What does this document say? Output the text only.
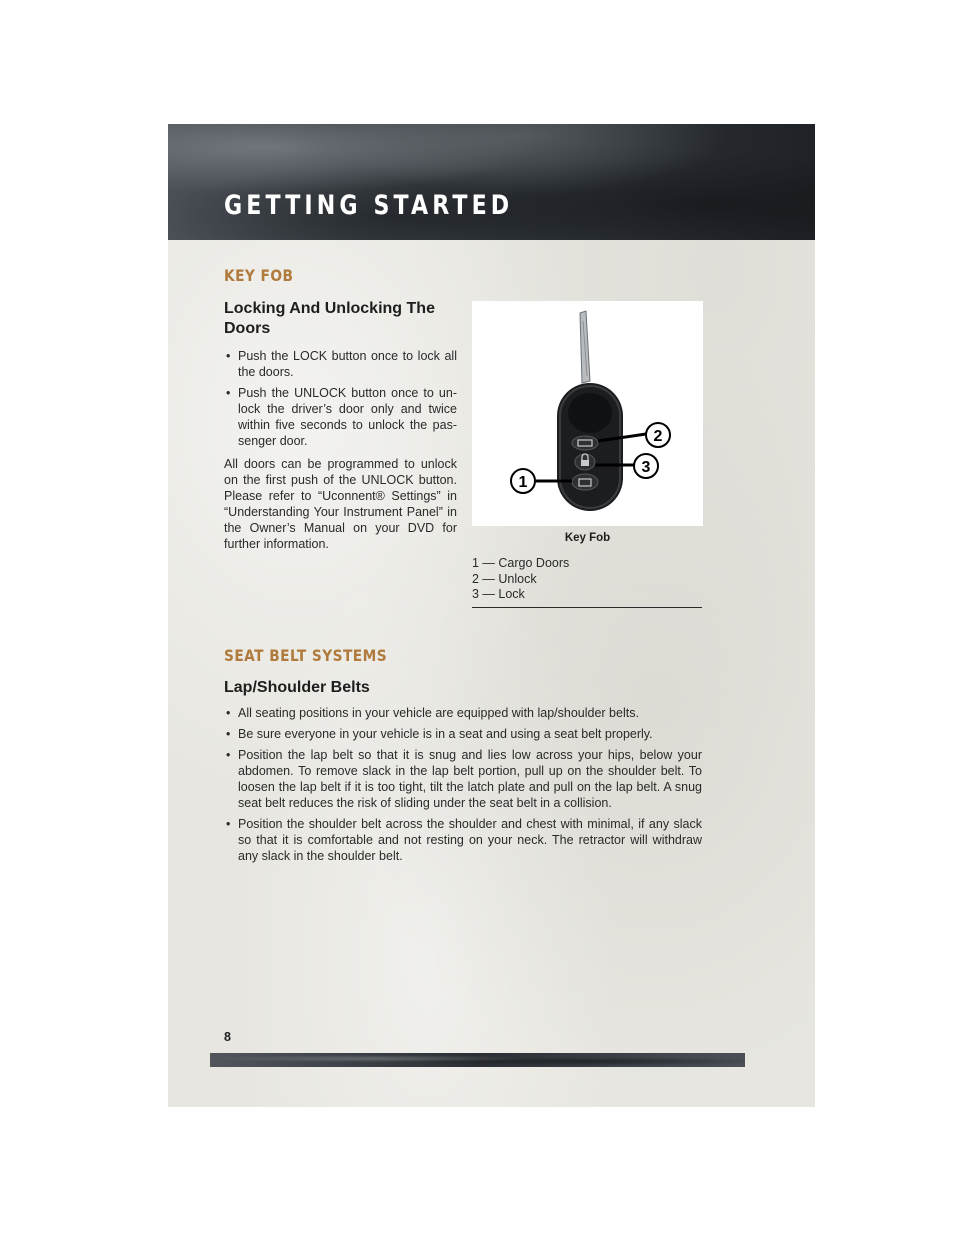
GETTING STARTED
KEY FOB
Locking And Unlocking The Doors
• Push the LOCK button once to lock all the doors.
• Push the UNLOCK button once to un-lock the driver’s door only and twice within five seconds to unlock the pas-senger door.

All doors can be programmed to unlock on the first push of the UNLOCK button. Please refer to “Uconnent® Settings” in “Understanding Your Instrument Panel” in the Owner’s Manual on your DVD for further information.

2
3
1
Key Fob
1 — Cargo Doors
2 — Unlock
3 — Lock
SEAT BELT SYSTEMS
Lap/Shoulder Belts
• All seating positions in your vehicle are equipped with lap/shoulder belts.
• Be sure everyone in your vehicle is in a seat and using a seat belt properly.
• Position the lap belt so that it is snug and lies low across your hips, below your abdomen. To remove slack in the lap belt portion, pull up on the shoulder belt. To loosen the lap belt if it is too tight, tilt the latch plate and pull on the lap belt. A snug seat belt reduces the risk of sliding under the seat belt in a collision.
• Position the shoulder belt across the shoulder and chest with minimal, if any slack so that it is comfortable and not resting on your neck. The retractor will withdraw any slack in the shoulder belt.
8
